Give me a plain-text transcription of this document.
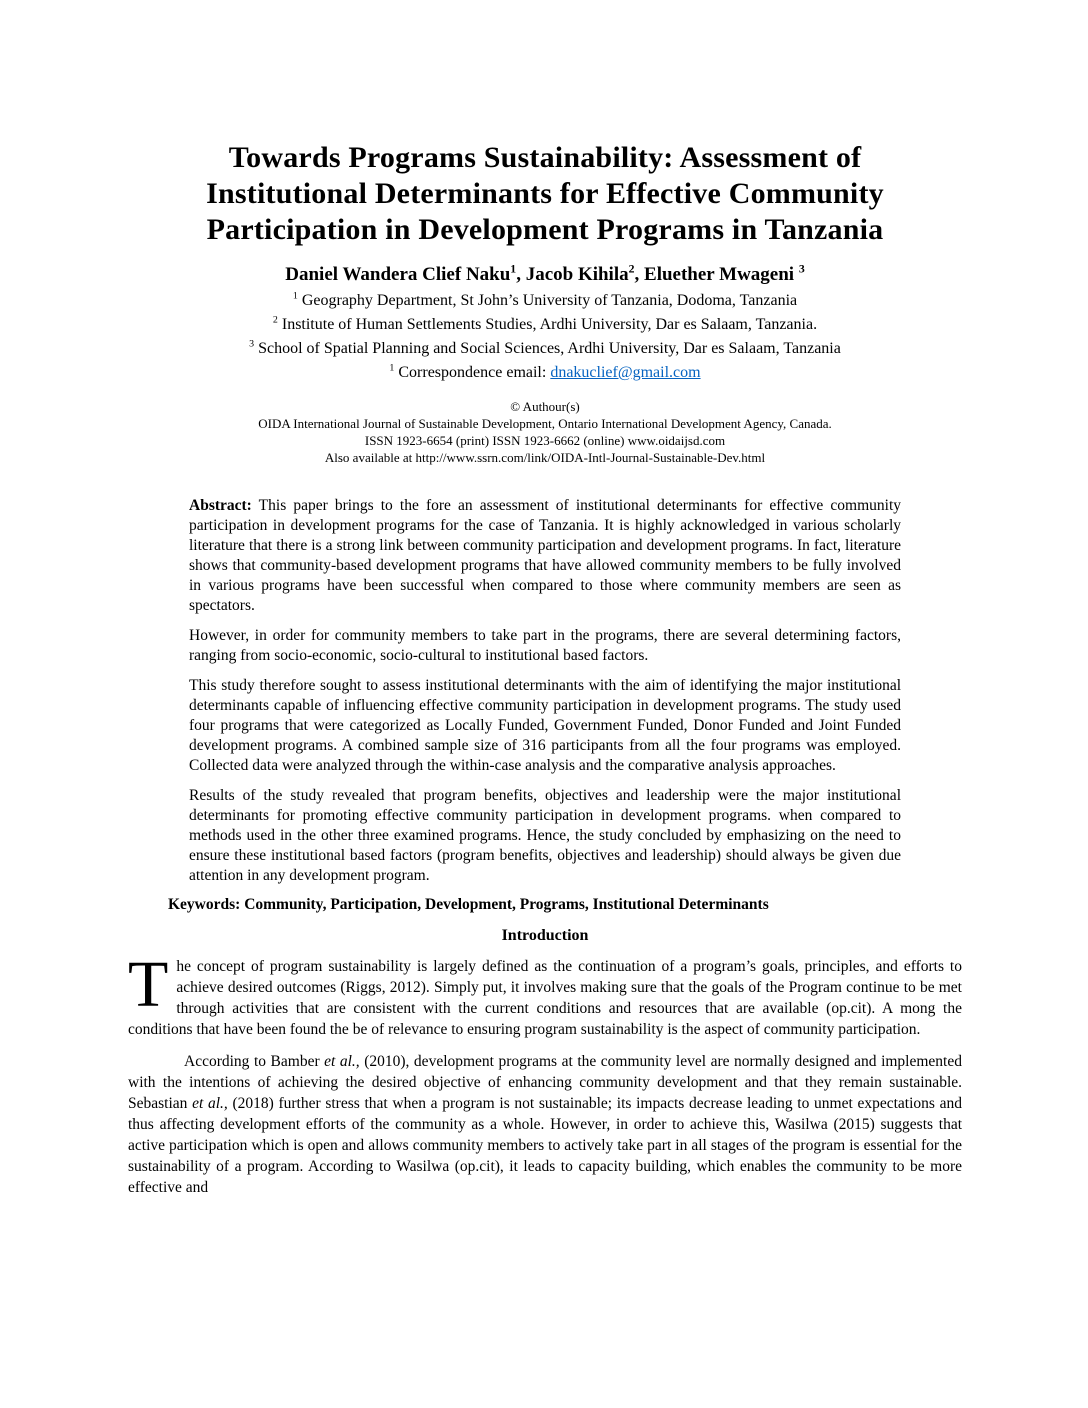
Towards Programs Sustainability: Assessment of
Institutional Determinants for Effective Community
Participation in Development Programs in Tanzania
Daniel Wandera Clief Naku$^1$, Jacob Kihila$^2$, Eluether Mwageni $^3$
$^1$ Geography Department, St John’s University of Tanzania, Dodoma, Tanzania
$^2$ Institute of Human Settlements Studies, Ardhi University, Dar es Salaam, Tanzania.
$^3$ School of Spatial Planning and Social Sciences, Ardhi University, Dar es Salaam, Tanzania
$^1$ Correspondence email: dnakuclief@gmail.com
© Authour(s)
OIDA International Journal of Sustainable Development, Ontario International Development Agency, Canada.
ISSN 1923-6654 (print) ISSN 1923-6662 (online) www.oidaijsd.com
Also available at http://www.ssrn.com/link/OIDA-Intl-Journal-Sustainable-Dev.html

Abstract: This paper brings to the fore an assessment of institutional determinants for effective community participation in development programs for the case of Tanzania. It is highly acknowledged in various scholarly literature that there is a strong link between community participation and development programs. In fact, literature shows that community-based development programs that have allowed community members to be fully involved in various programs have been successful when compared to those where community members are seen as spectators.

However, in order for community members to take part in the programs, there are several determining factors, ranging from socio-economic, socio-cultural to institutional based factors.

This study therefore sought to assess institutional determinants with the aim of identifying the major institutional determinants capable of influencing effective community participation in development programs. The study used four programs that were categorized as Locally Funded, Government Funded, Donor Funded and Joint Funded development programs. A combined sample size of 316 participants from all the four programs was employed. Collected data were analyzed through the within-case analysis and the comparative analysis approaches.

Results of the study revealed that program benefits, objectives and leadership were the major institutional determinants for promoting effective community participation in development programs. when compared to methods used in the other three examined programs. Hence, the study concluded by emphasizing on the need to ensure these institutional based factors (program benefits, objectives and leadership) should always be given due attention in any development program.

Keywords: Community, Participation, Development, Programs, Institutional Determinants
Introduction

The concept of program sustainability is largely defined as the continuation of a program’s goals, principles, and efforts to achieve desired outcomes (Riggs, 2012). Simply put, it involves making sure that the goals of the Program continue to be met through activities that are consistent with the current conditions and resources that are available (op.cit). A mong the conditions that have been found the be of relevance to ensuring program sustainability is the aspect of community participation.

According to Bamber et al., (2010), development programs at the community level are normally designed and implemented with the intentions of achieving the desired objective of enhancing community development and that they remain sustainable. Sebastian et al., (2018) further stress that when a program is not sustainable; its impacts decrease leading to unmet expectations and thus affecting development efforts of the community as a whole. However, in order to achieve this, Wasilwa (2015) suggests that active participation which is open and allows community members to actively take part in all stages of the program is essential for the sustainability of a program. According to Wasilwa (op.cit), it leads to capacity building, which enables the community to be more effective and
